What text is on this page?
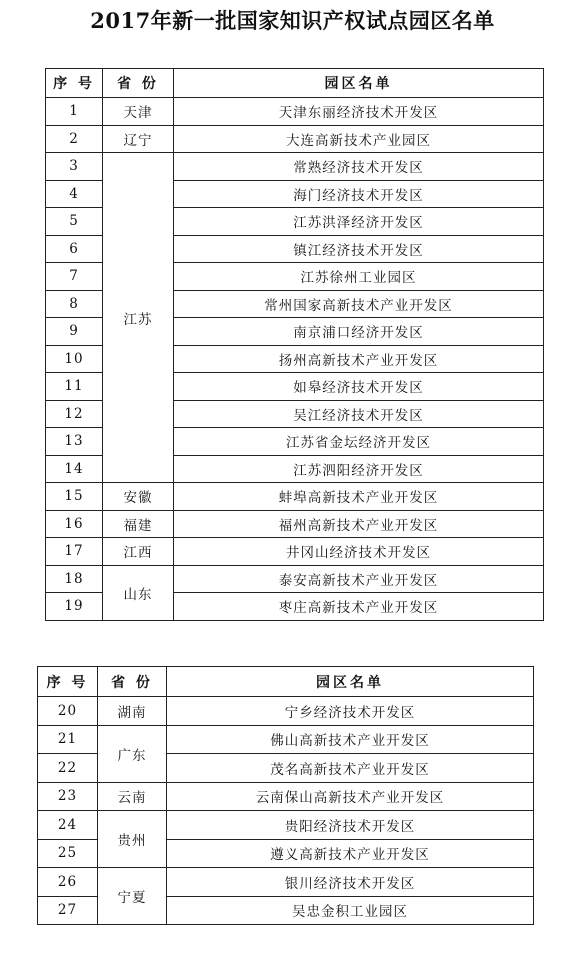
2017年新一批国家知识产权试点园区名单
序 号	省 份	园区名单
1	天津	天津东丽经济技术开发区
2	辽宁	大连高新技术产业园区
3	江苏	常熟经济技术开发区
4		海门经济技术开发区
5		江苏洪泽经济开发区
6		镇江经济技术开发区
7		江苏徐州工业园区
8		常州国家高新技术产业开发区
9		南京浦口经济开发区
10		扬州高新技术产业开发区
11		如皋经济技术开发区
12		吴江经济技术开发区
13		江苏省金坛经济开发区
14		江苏泗阳经济开发区
15	安徽	蚌埠高新技术产业开发区
16	福建	福州高新技术产业开发区
17	江西	井冈山经济技术开发区
18	山东	泰安高新技术产业开发区
19		枣庄高新技术产业开发区
序 号	省 份	园区名单
20	湖南	宁乡经济技术开发区
21	广东	佛山高新技术产业开发区
22		茂名高新技术产业开发区
23	云南	云南保山高新技术产业开发区
24	贵州	贵阳经济技术开发区
25		遵义高新技术产业开发区
26	宁夏	银川经济技术开发区
27		吴忠金积工业园区
